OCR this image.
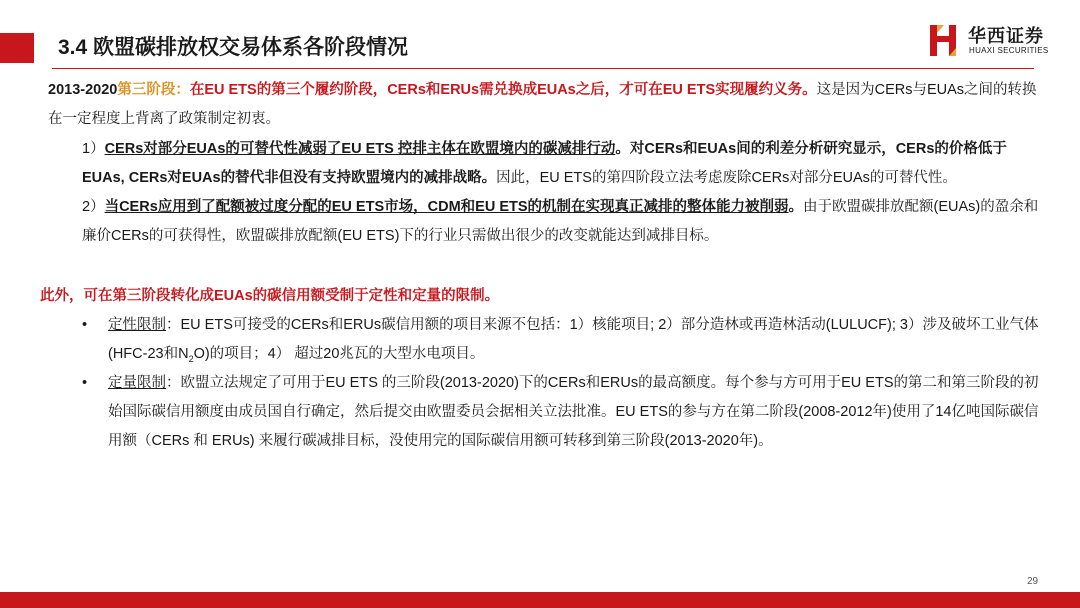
3.4 欧盟碳排放权交易体系各阶段情况	华西证券
HUAXI SECURITIES
2013-2020第三阶段：在EU ETS的第三个履约阶段，CERs和ERUs需兑换成EUAs之后，才可在EU ETS实现履约义务。这是因为CERs与EUAs之间的转换在一定程度上背离了政策制定初衷。
1）CERs对部分EUAs的可替代性减弱了EU ETS 控排主体在欧盟境内的碳减排行动。对CERs和EUAs间的利差分析研究显示，CERs的价格低于EUAs, CERs对EUAs的替代非但没有支持欧盟境内的减排战略。因此，EU ETS的第四阶段立法考虑废除CERs对部分EUAs的可替代性。
2）当CERs应用到了配额被过度分配的EU ETS市场，CDM和EU ETS的机制在实现真正减排的整体能力被削弱。由于欧盟碳排放配额(EUAs)的盈余和廉价CERs的可获得性，欧盟碳排放配额(EU ETS)下的行业只需做出很少的改变就能达到减排目标。
此外，可在第三阶段转化成EUAs的碳信用额受制于定性和定量的限制。
• 定性限制：EU ETS可接受的CERs和ERUs碳信用额的项目来源不包括：1）核能项目; 2）部分造林或再造林活动(LULUCF); 3）涉及破坏工业气体(HFC-23和$N_2O$)的项目；4） 超过20兆瓦的大型水电项目。
• 定量限制：欧盟立法规定了可用于EU ETS 的三阶段(2013-2020)下的CERs和ERUs的最高额度。每个参与方可用于EU ETS的第二和第三阶段的初始国际碳信用额度由成员国自行确定，然后提交由欧盟委员会据相关立法批准。EU ETS的参与方在第二阶段(2008-2012年)使用了14亿吨国际碳信用额（CERs 和 ERUs) 来履行碳减排目标，没使用完的国际碳信用额可转移到第三阶段(2013-2020年)。
29
